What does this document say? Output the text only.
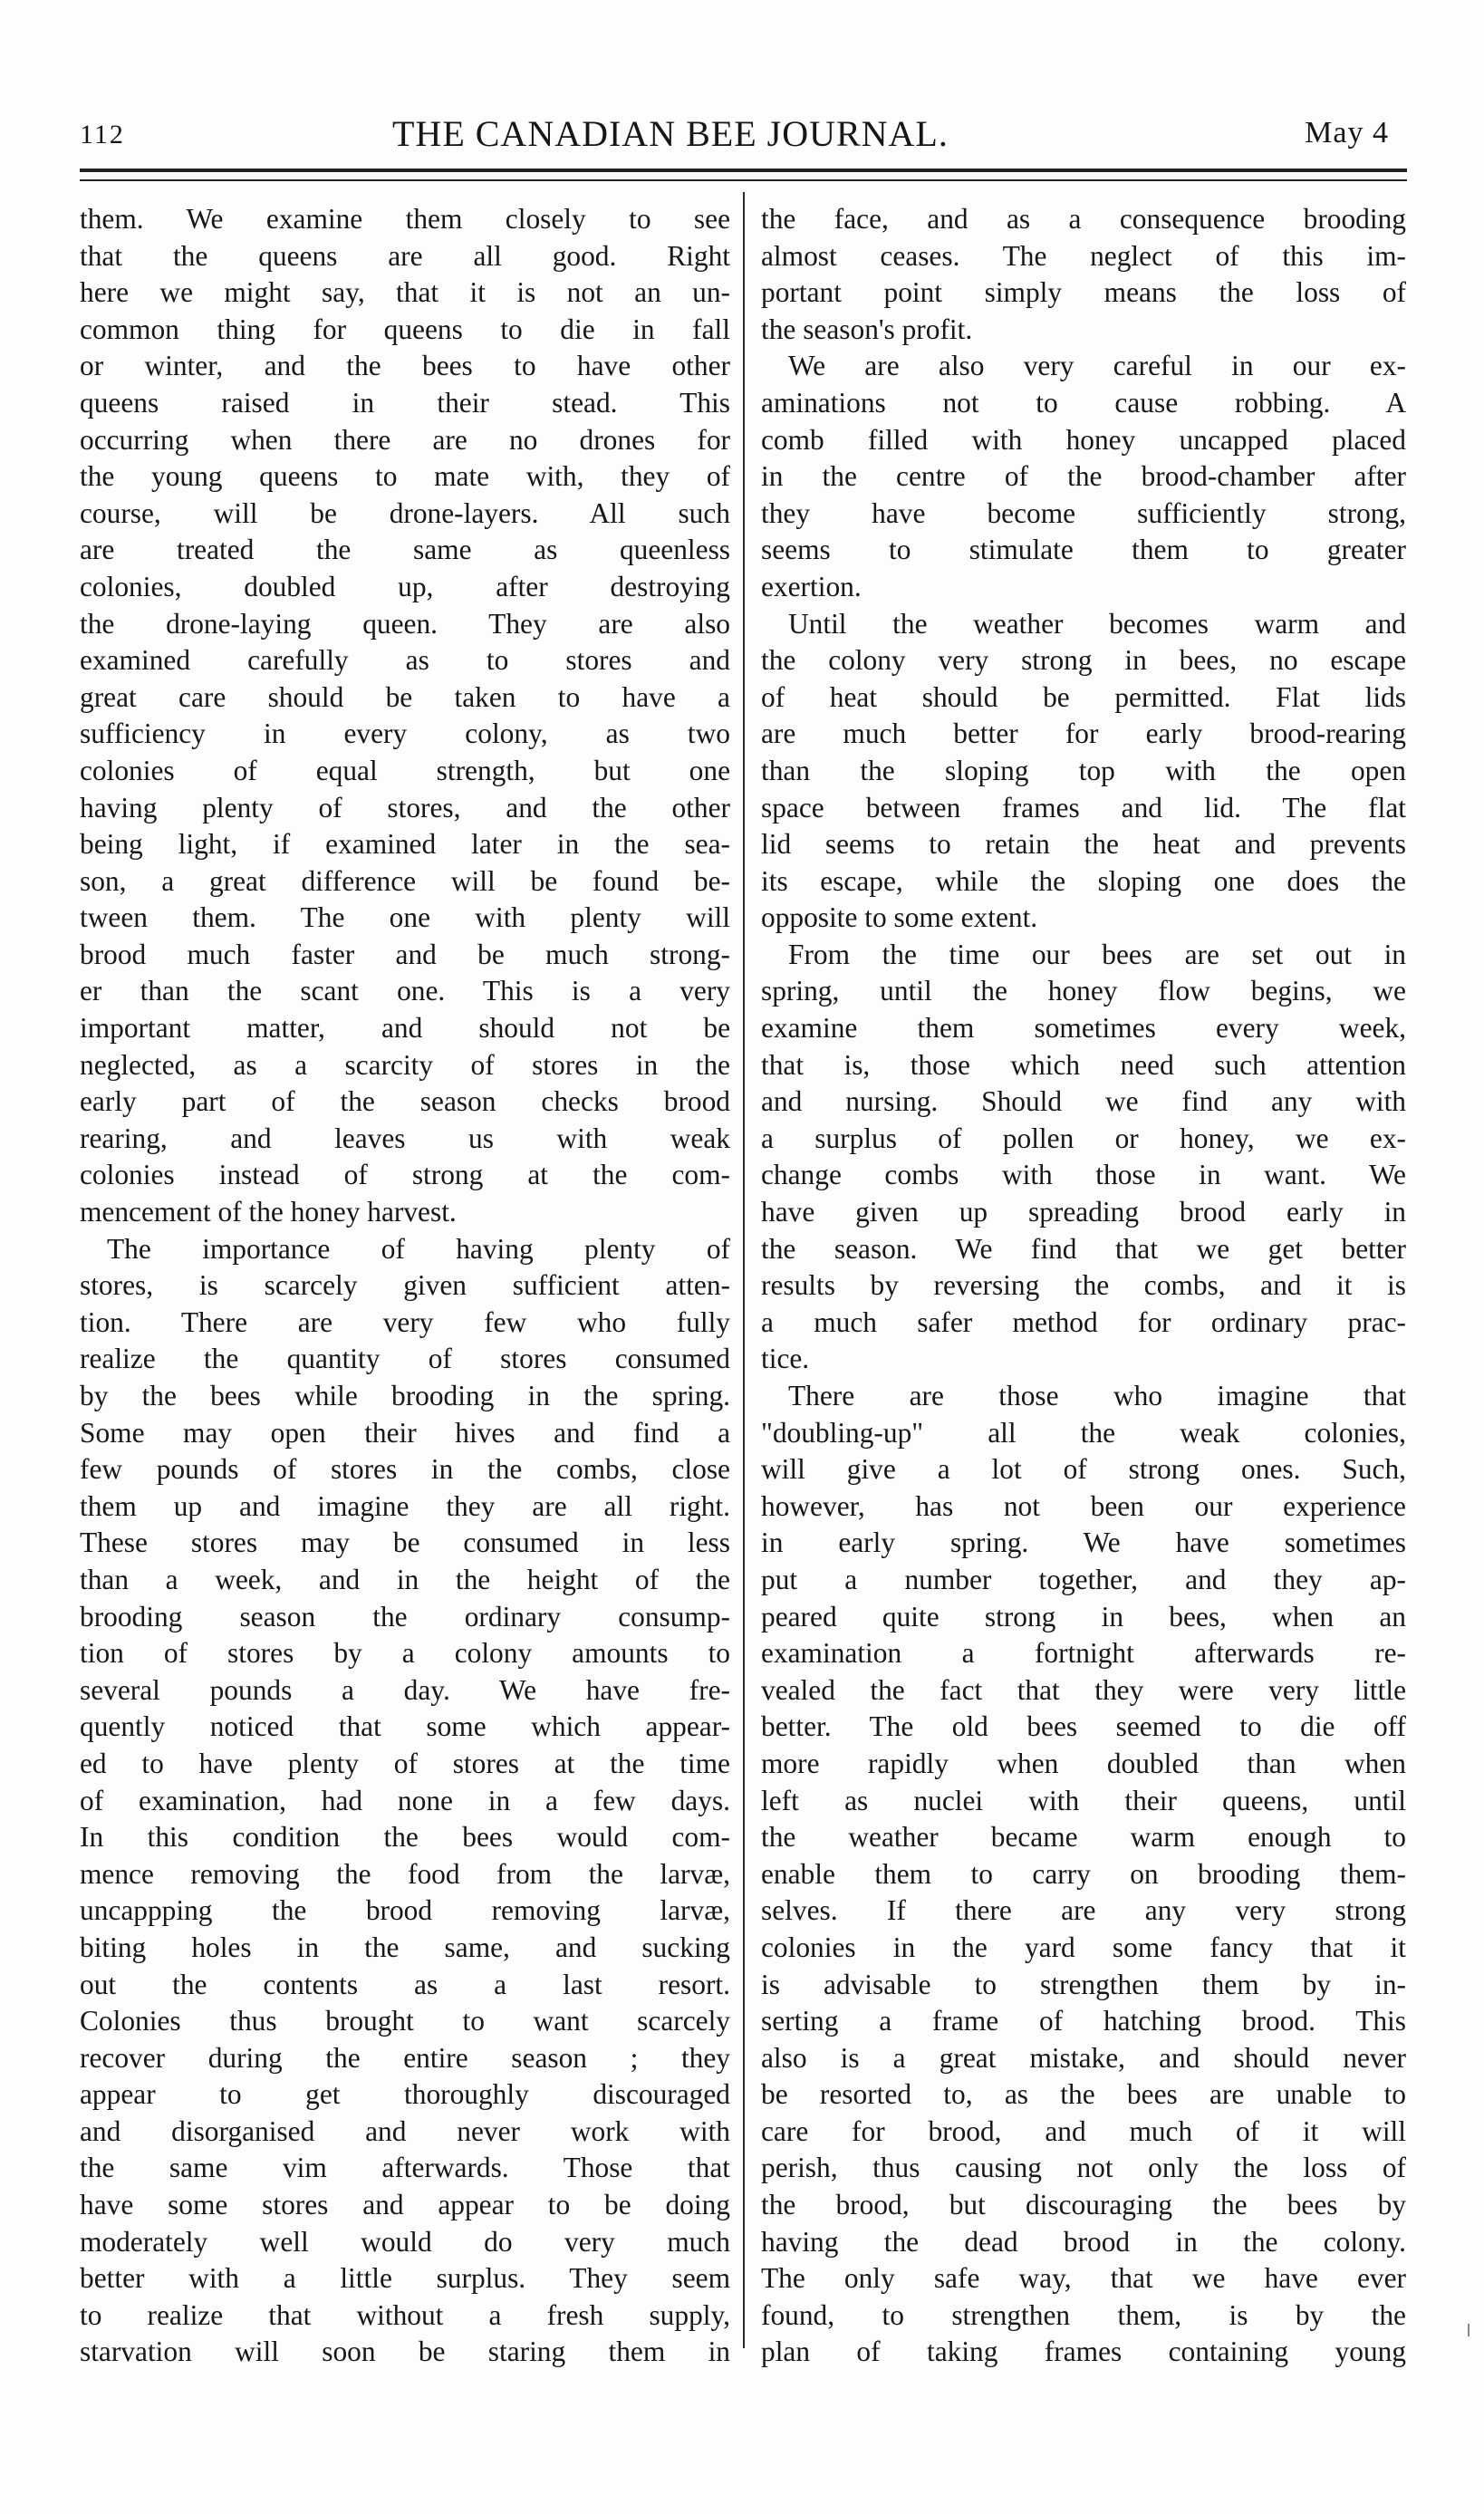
112	THE CANADIAN BEE JOURNAL.	May 4
them. We examine them closely to see
that the queens are all good. Right
here we might say, that it is not an un-
common thing for queens to die in fall
or winter, and the bees to have other
queens raised in their stead. This
occurring when there are no drones for
the young queens to mate with, they of
course, will be drone-layers. All such
are treated the same as queenless
colonies, doubled up, after destroying
the drone-laying queen. They are also
examined carefully as to stores and
great care should be taken to have a
sufficiency in every colony, as two
colonies of equal strength, but one
having plenty of stores, and the other
being light, if examined later in the sea-
son, a great difference will be found be-
tween them. The one with plenty will
brood much faster and be much strong-
er than the scant one. This is a very
important matter, and should not be
neglected, as a scarcity of stores in the
early part of the season checks brood
rearing, and leaves us with weak
colonies instead of strong at the com-
mencement of the honey harvest.
The importance of having plenty of
stores, is scarcely given sufficient atten-
tion. There are very few who fully
realize the quantity of stores consumed
by the bees while brooding in the spring.
Some may open their hives and find a
few pounds of stores in the combs, close
them up and imagine they are all right.
These stores may be consumed in less
than a week, and in the height of the
brooding season the ordinary consump-
tion of stores by a colony amounts to
several pounds a day. We have fre-
quently noticed that some which appear-
ed to have plenty of stores at the time
of examination, had none in a few days.
In this condition the bees would com-
mence removing the food from the larvæ,
uncappping the brood removing larvæ,
biting holes in the same, and sucking
out the contents as a last resort.
Colonies thus brought to want scarcely
recover during the entire season ; they
appear to get thoroughly discouraged
and disorganised and never work with
the same vim afterwards. Those that
have some stores and appear to be doing
moderately well would do very much
better with a little surplus. They seem
to realize that without a fresh supply,
starvation will soon be staring them in
the face, and as a consequence brooding
almost ceases. The neglect of this im-
portant point simply means the loss of
the season's profit.
We are also very careful in our ex-
aminations not to cause robbing. A
comb filled with honey uncapped placed
in the centre of the brood-chamber after
they have become sufficiently strong,
seems to stimulate them to greater
exertion.
Until the weather becomes warm and
the colony very strong in bees, no escape
of heat should be permitted. Flat lids
are much better for early brood-rearing
than the sloping top with the open
space between frames and lid. The flat
lid seems to retain the heat and prevents
its escape, while the sloping one does the
opposite to some extent.
From the time our bees are set out in
spring, until the honey flow begins, we
examine them sometimes every week,
that is, those which need such attention
and nursing. Should we find any with
a surplus of pollen or honey, we ex-
change combs with those in want. We
have given up spreading brood early in
the season. We find that we get better
results by reversing the combs, and it is
a much safer method for ordinary prac-
tice.
There are those who imagine that
"doubling-up" all the weak colonies,
will give a lot of strong ones. Such,
however, has not been our experience
in early spring. We have sometimes
put a number together, and they ap-
peared quite strong in bees, when an
examination a fortnight afterwards re-
vealed the fact that they were very little
better. The old bees seemed to die off
more rapidly when doubled than when
left as nuclei with their queens, until
the weather became warm enough to
enable them to carry on brooding them-
selves. If there are any very strong
colonies in the yard some fancy that it
is advisable to strengthen them by in-
serting a frame of hatching brood. This
also is a great mistake, and should never
be resorted to, as the bees are unable to
care for brood, and much of it will
perish, thus causing not only the loss of
the brood, but discouraging the bees by
having the dead brood in the colony.
The only safe way, that we have ever
found, to strengthen them, is by the
plan of taking frames containing young
